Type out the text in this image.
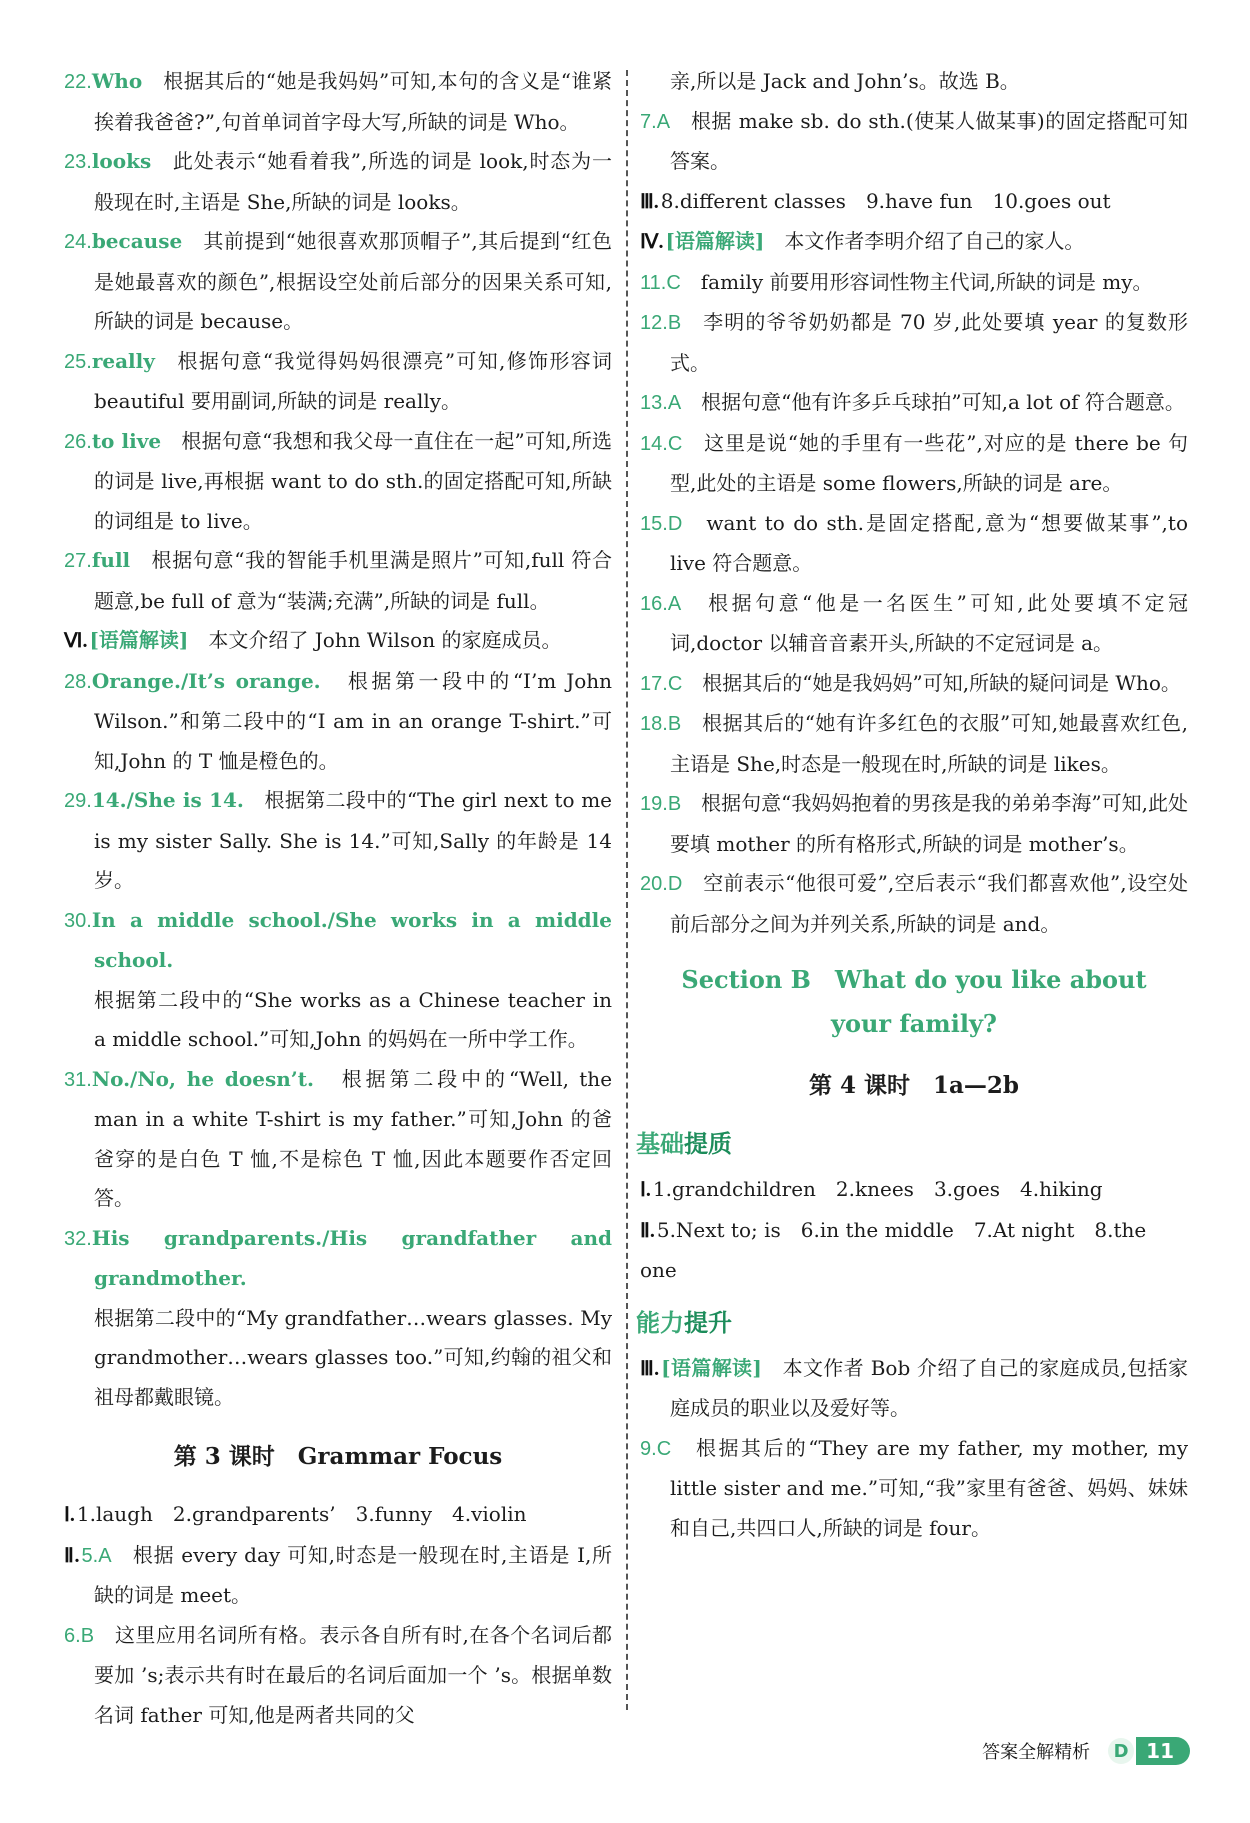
22.Who　 根据其后的“她是我妈妈”可知,本句的含义是“谁紧挨着我爸爸?”,句首单词首字母大写,所缺的词是 Who。

23.looks　 此处表示“她看着我”,所选的词是 look,时态为一般现在时,主语是 She,所缺的词是 looks。

24.because　 其前提到“她很喜欢那顶帽子”,其后提到“红色是她最喜欢的颜色”,根据设空处前后部分的因果关系可知,所缺的词是 because。

25.really　 根据句意“我觉得妈妈很漂亮”可知,修饰形容词 beautiful 要用副词,所缺的词是 really。

26.to live　 根据句意“我想和我父母一直住在一起”可知,所选的词是 live,再根据 want to do sth.的固定搭配可知,所缺的词组是 to live。

27.full　 根据句意“我的智能手机里满是照片”可知,full 符合题意,be full of 意为“装满;充满”,所缺的词是 full。

Ⅵ. [语篇解读]　 本文介绍了 John Wilson 的家庭成员。

28.Orange./It’s orange.　 根据第一段中的“I’m John Wilson.”和第二段中的“I am in an orange T-shirt.”可知,John 的 T 恤是橙色的。

29.14./She is 14.　 根据第二段中的“The girl next to me is my sister Sally. She is 14.”可知,Sally 的年龄是 14 岁。

30.In a middle school./She works in a middle school.
根据第二段中的“She works as a Chinese teacher in a middle school.”可知,John 的妈妈在一所中学工作。

31.No./No, he doesn’t.　 根据第二段中的“Well, the man in a white T-shirt is my father.”可知,John 的爸爸穿的是白色 T 恤,不是棕色 T 恤,因此本题要作否定回答。

32.His grandparents./His grandfather and grandmother.
根据第二段中的“My grandfather…wears glasses. My grandmother…wears glasses too.”可知,约翰的祖父和祖母都戴眼镜。

第 3 课时　Grammar Focus

Ⅰ. 1.laugh　 2.grandparents’　 3.funny　 4.violin

Ⅱ. 5.A　 根据 every day 可知,时态是一般现在时,主语是 I,所缺的词是 meet。

6.B　 这里应用名词所有格。表示各自所有时,在各个名词后都要加 ’s;表示共有时在最后的名词后面加一个 ’s。根据单数名词 father 可知,他是两者共同的父

亲,所以是 Jack and John’s。故选 B。

7.A　 根据 make sb. do sth.(使某人做某事)的固定搭配可知答案。

Ⅲ. 8.different classes　 9.have fun　 10.goes out

Ⅳ. [语篇解读]　 本文作者李明介绍了自己的家人。

11.C　 family 前要用形容词性物主代词,所缺的词是 my。

12.B　 李明的爷爷奶奶都是 70 岁,此处要填 year 的复数形式。

13.A　 根据句意“他有许多乒乓球拍”可知,a lot of 符合题意。

14.C　 这里是说“她的手里有一些花”,对应的是 there be 句型,此处的主语是 some flowers,所缺的词是 are。

15.D　 want to do sth.是固定搭配,意为“想要做某事”,to live 符合题意。

16.A　 根据句意“他是一名医生”可知,此处要填不定冠词,doctor 以辅音音素开头,所缺的不定冠词是 a。

17.C　 根据其后的“她是我妈妈”可知,所缺的疑问词是 Who。

18.B　 根据其后的“她有许多红色的衣服”可知,她最喜欢红色,主语是 She,时态是一般现在时,所缺的词是 likes。

19.B　 根据句意“我妈妈抱着的男孩是我的弟弟李海”可知,此处要填 mother 的所有格形式,所缺的词是 mother’s。

20.D　 空前表示“他很可爱”,空后表示“我们都喜欢他”,设空处前后部分之间为并列关系,所缺的词是 and。

Section B　What do you like about
your family?
第 4 课时　1a—2b
基础提质

Ⅰ. 1.grandchildren　 2.knees　 3.goes　 4.hiking

Ⅱ. 5.Next to; is　 6.in the middle　 7.At night　 8.the one

能力提升

Ⅲ. [语篇解读]　 本文作者 Bob 介绍了自己的家庭成员,包括家庭成员的职业以及爱好等。

9.C　 根据其后的“They are my father, my mother, my little sister and me.”可知,“我”家里有爸爸、妈妈、妹妹和自己,共四口人,所缺的词是 four。

答案全解精析	D 11
